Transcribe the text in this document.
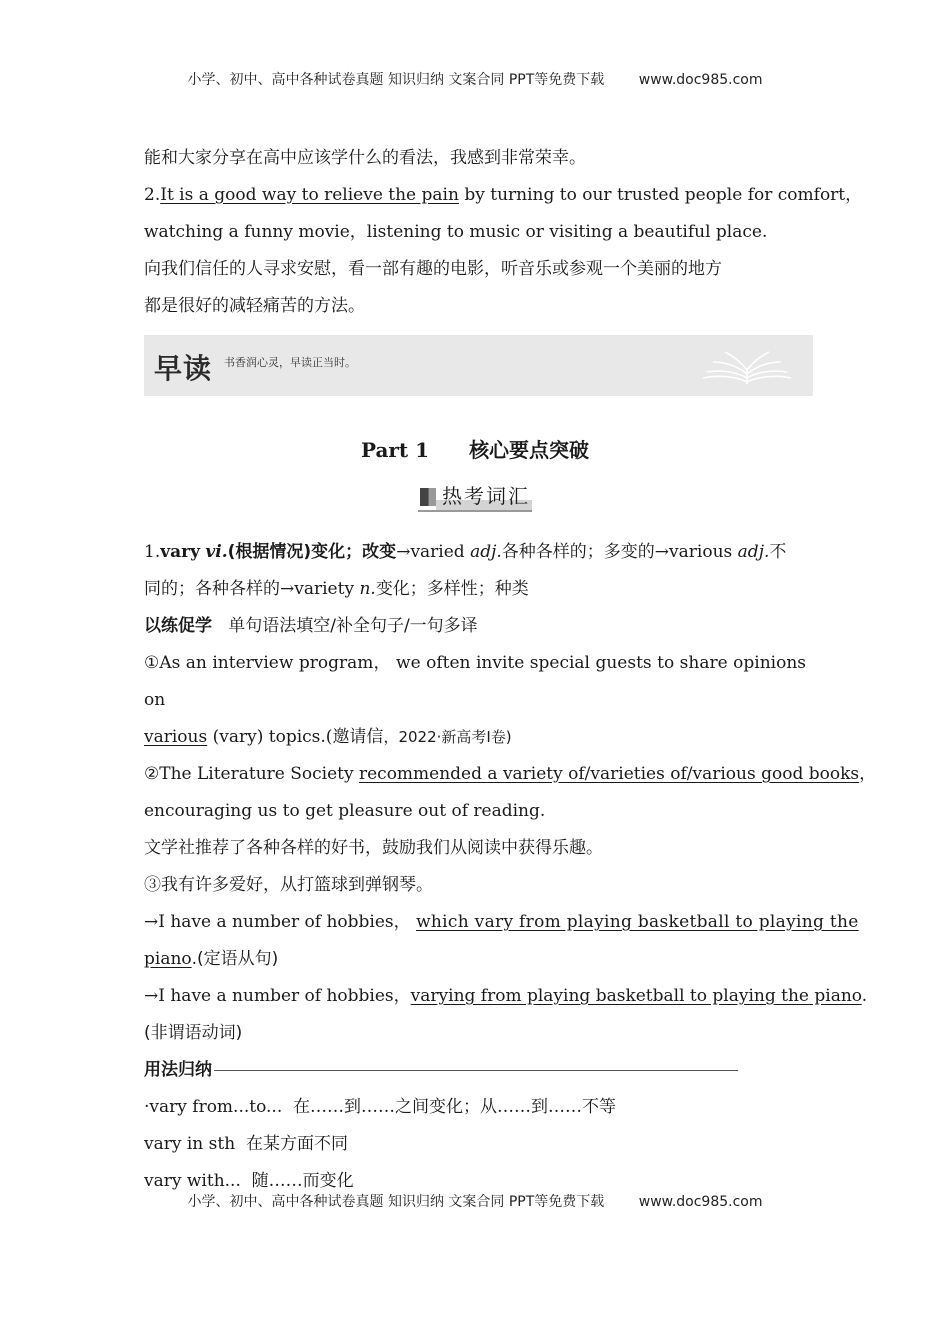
小学、初中、高中各种试卷真题 知识归纳 文案合同 PPT等免费下载 www.doc985.com
能和大家分享在高中应该学什么的看法，我感到非常荣幸。
2.It is a good way to relieve the pain by turning to our trusted people for comfort，
watching a funny movie，listening to music or visiting a beautiful place.
向我们信任的人寻求安慰，看一部有趣的电影，听音乐或参观一个美丽的地方
都是很好的减轻痛苦的方法。
早读 书香润心灵，早读正当时。
Part 1 核心要点突破
热考词汇
1.vary vi.(根据情况)变化；改变→varied adj.各种各样的；多变的→various adj.不
同的；各种各样的→variety n.变化；多样性；种类
以练促学 单句语法填空/补全句子/一句多译
①As an interview program， we often invite special guests to share opinions on
various (vary) topics.(邀请信，2022·新高考Ⅰ卷)
②The Literature Society recommended a variety of/varieties of/various good books，
encouraging us to get pleasure out of reading.
文学社推荐了各种各样的好书，鼓励我们从阅读中获得乐趣。
③我有许多爱好，从打篮球到弹钢琴。
→I have a number of hobbies， which vary from playing basketball to playing the
piano.(定语从句)
→I have a number of hobbies，varying from playing basketball to playing the piano.
(非谓语动词)
用法归纳
·vary from...to... 在……到……之间变化；从……到……不等
vary in sth 在某方面不同
vary with... 随……而变化
小学、初中、高中各种试卷真题 知识归纳 文案合同 PPT等免费下载 www.doc985.com
